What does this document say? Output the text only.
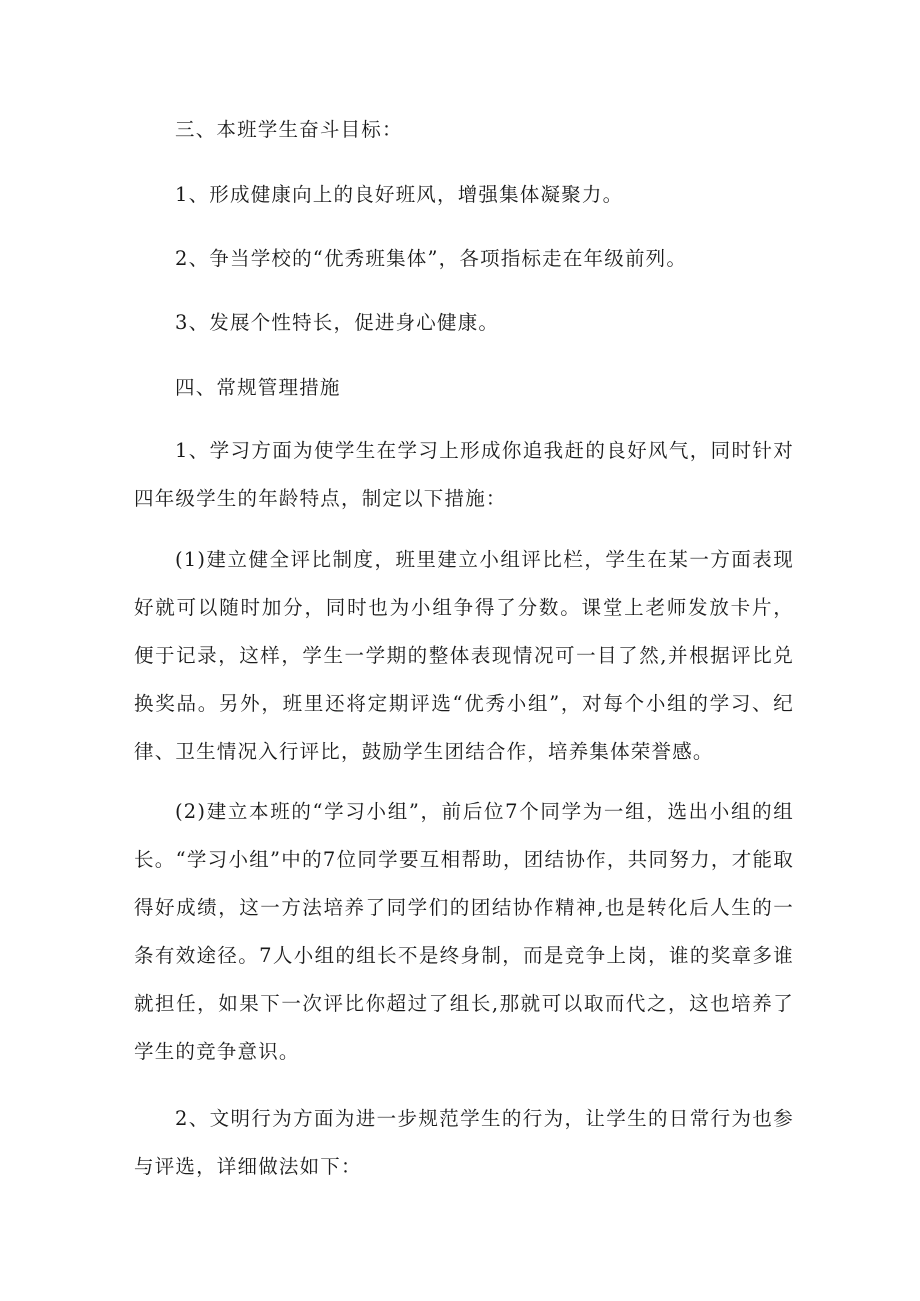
三、本班学生奋斗目标：

1、形成健康向上的良好班风，增强集体凝聚力。

2、争当学校的“优秀班集体”，各项指标走在年级前列。

3、发展个性特长，促进身心健康。

四、常规管理措施

1、学习方面为使学生在学习上形成你追我赶的良好风气，同时针对四年级学生的年龄特点，制定以下措施：

(1)建立健全评比制度，班里建立小组评比栏，学生在某一方面表现好就可以随时加分，同时也为小组争得了分数。课堂上老师发放卡片，便于记录，这样，学生一学期的整体表现情况可一目了然,并根据评比兑换奖品。另外，班里还将定期评选“优秀小组”，对每个小组的学习、纪律、卫生情况入行评比，鼓励学生团结合作，培养集体荣誉感。

(2)建立本班的“学习小组”，前后位7个同学为一组，选出小组的组长。“学习小组”中的7位同学要互相帮助，团结协作，共同努力，才能取得好成绩，这一方法培养了同学们的团结协作精神,也是转化后人生的一条有效途径。7人小组的组长不是终身制，而是竞争上岗，谁的奖章多谁就担任，如果下一次评比你超过了组长,那就可以取而代之，这也培养了学生的竞争意识。

2、文明行为方面为进一步规范学生的行为，让学生的日常行为也参与评选，详细做法如下：
